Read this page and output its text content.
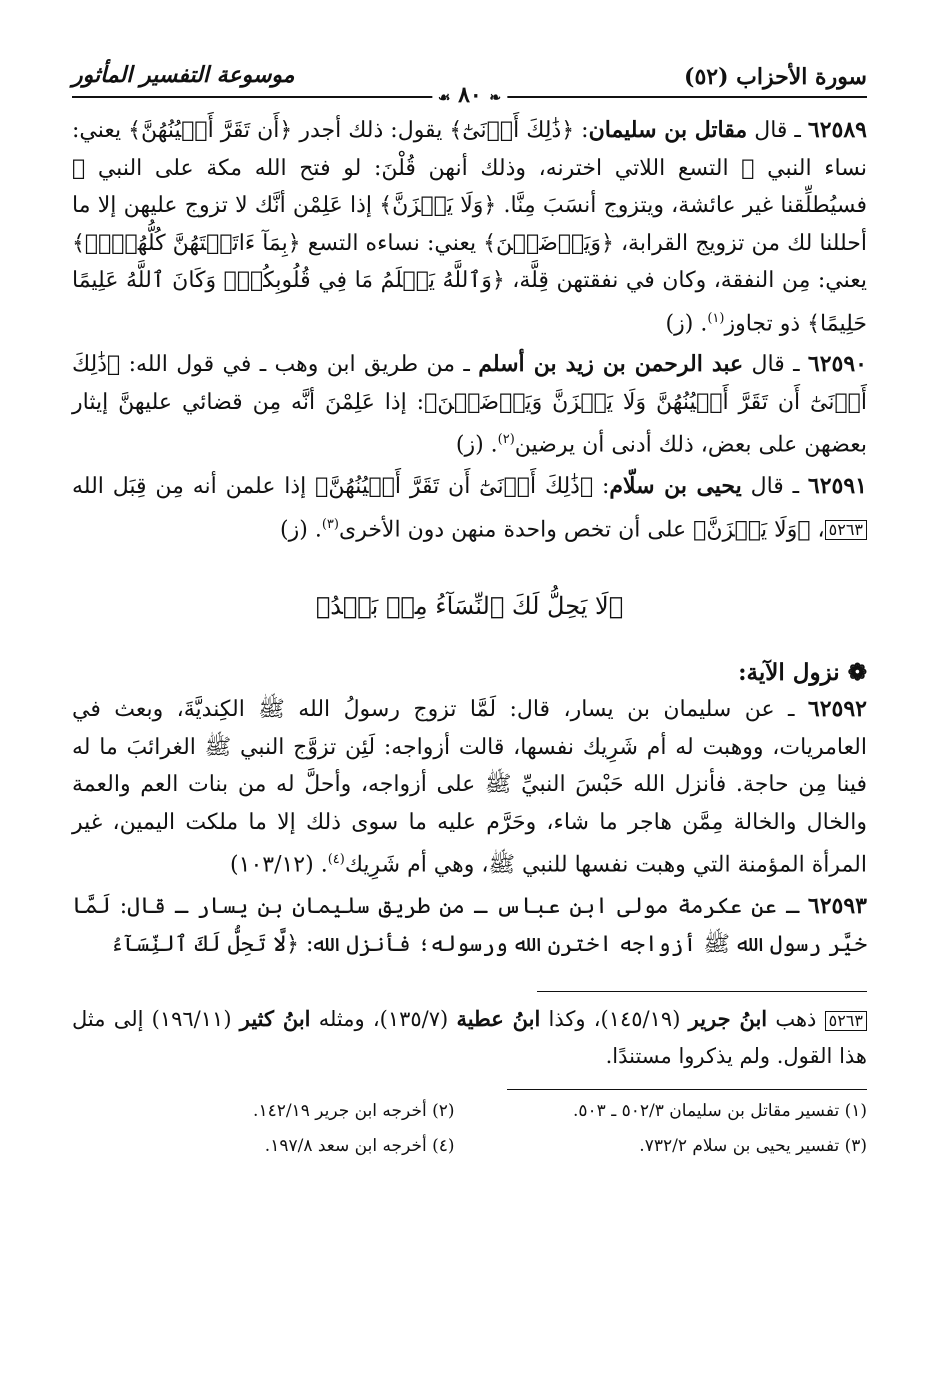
سورة الأحزاب (٥٢)
❧ ٨٠ ☙
موسوعة التفسير المأثور

٦٢٥٨٩ ـ قال مقاتل بن سليمان: ﴿ذَٰلِكَ أَدۡنَىٰٓ﴾ يقول: ذلك أجدر ﴿أَن تَقَرَّ أَعۡيُنُهُنَّ﴾ يعني: نساء النبي ﷺ التسع اللاتي اخترنه، وذلك أنهن قُلْنَ: لو فتح الله مكة على النبي ﷺ فسيُطلِّقنا غير عائشة، ويتزوج أنسَبَ مِنَّا. ﴿وَلَا يَحۡزَنَّ﴾ إذا عَلِمْن أنَّك لا تزوج عليهن إلا ما أحللنا لك من تزويج القرابة، ﴿وَيَرۡضَيۡنَ﴾ يعني: نساءه التسع ﴿بِمَآ ءَاتَيۡتَهُنَّ كُلُّهُنَّۚ﴾ يعني: مِن النفقة، وكان في نفقتهن قِلَّة، ﴿وَٱللَّهُ يَعۡلَمُ مَا فِي قُلُوبِكُمۡۚ وَكَانَ ٱللَّهُ عَلِيمًا حَلِيمًا﴾ ذو تجاوز$^{(١)}$. (ز)

٦٢٥٩٠ ـ قال عبد الرحمن بن زيد بن أسلم ـ من طريق ابن وهب ـ في قول الله: ﴿ذَٰلِكَ أَدۡنَىٰٓ أَن تَقَرَّ أَعۡيُنُهُنَّ وَلَا يَحۡزَنَّ وَيَرۡضَيۡنَ﴾: إذا عَلِمْنَ أنَّه مِن قضائي عليهنَّ إيثار بعضهن على بعض، ذلك أدنى أن يرضين$^{(٢)}$. (ز)

٦٢٥٩١ ـ قال يحيى بن سلّام: ﴿ذَٰلِكَ أَدۡنَىٰٓ أَن تَقَرَّ أَعۡيُنُهُنَّ﴾ إذا علمن أنه مِن قِبَل الله٥٢٦٣، ﴿وَلَا يَحۡزَنَّ﴾ على أن تخص واحدة منهن دون الأخرى$^{(٣)}$. (ز)

﴿لَا يَحِلُّ لَكَ ٱلنِّسَآءُ مِنۢ بَعۡدُ﴾
❁ نزول الآية:

٦٢٥٩٢ ـ عن سليمان بن يسار، قال: لَمَّا تزوج رسولُ الله ﷺ الكِنديَّةَ، وبعث في العامريات، ووهبت له أم شَرِيك نفسها، قالت أزواجه: لَئِن تزوَّج النبي ﷺ الغرائبَ ما له فينا مِن حاجة. فأنزل الله حَبْسَ النبيِّ ﷺ على أزواجه، وأحلَّ له من بنات العم والعمة والخال والخالة مِمَّن هاجر ما شاء، وحَرَّم عليه ما سوى ذلك إلا ما ملكت اليمين، غير المرأة المؤمنة التي وهبت نفسها للنبي ﷺ، وهي أم شَرِيك$^{(٤)}$. (١٠٣/١٢)

٦٢٥٩٣ ـ عن عكرمة مولى ابن عباس ـ من طريق سليمان بن يسار ـ قال: لَمَّا خيَّر رسول الله ﷺ أزواجه اخترن الله ورسوله؛ فأنزل الله: ﴿لَّا تَحِلُّ لَكَ ٱلنِّسَآءُ

٥٢٦٣ ذهب ابنُ جرير (١٤٥/١٩)، وكذا ابنُ عطية (١٣٥/٧)، ومثله ابنُ كثير (١٩٦/١١) إلى مثل هذا القول. ولم يذكروا مستندًا.
(١) تفسير مقاتل بن سليمان ٥٠٢/٣ ـ ٥٠٣.
(٢) أخرجه ابن جرير ١٤٢/١٩.
(٣) تفسير يحيى بن سلام ٧٣٢/٢.
(٤) أخرجه ابن سعد ١٩٧/٨.
